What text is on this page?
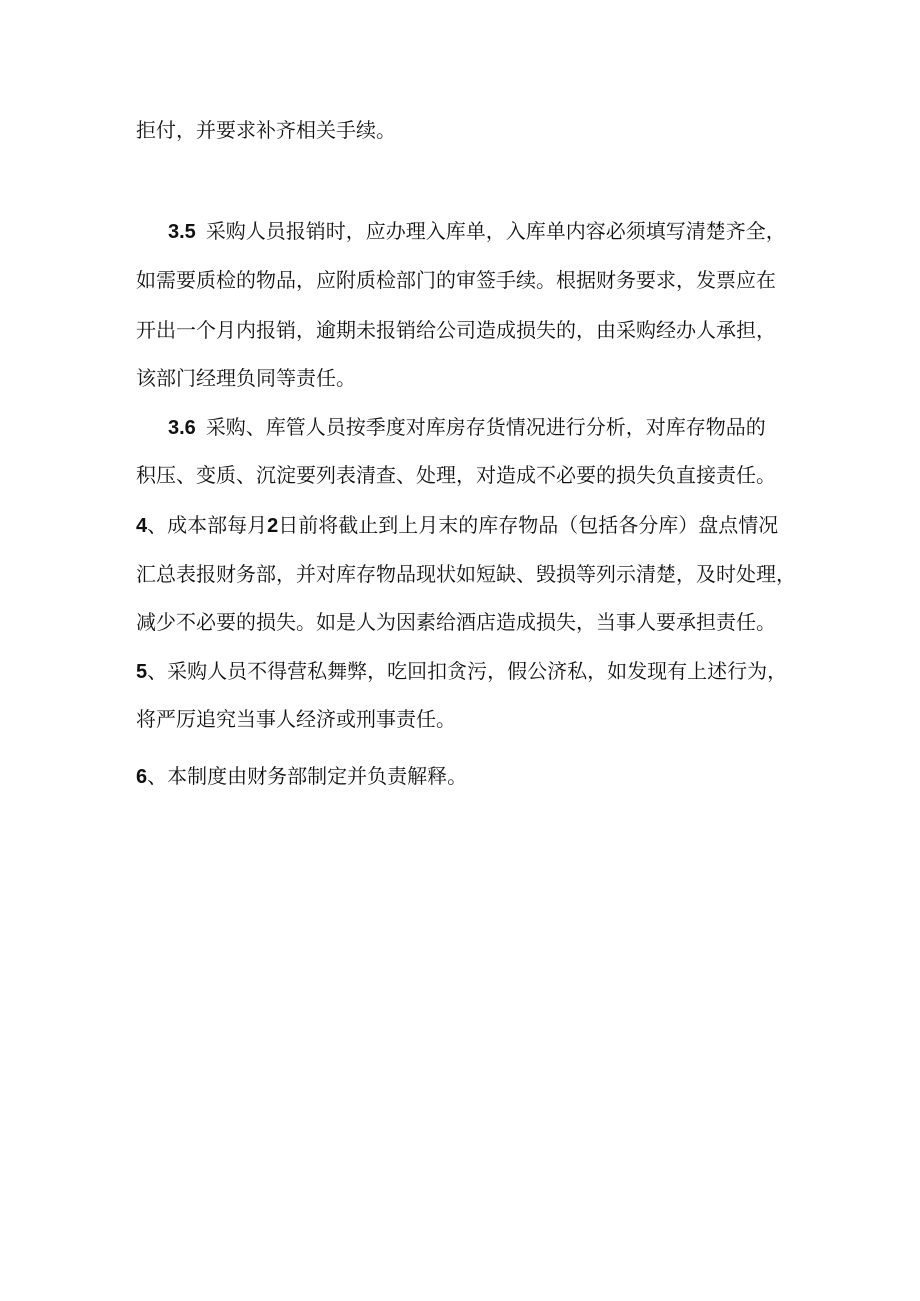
拒付，并要求补齐相关手续。
3.5 采购人员报销时，应办理入库单，入库单内容必须填写清楚齐全，
如需要质检的物品，应附质检部门的审签手续。根据财务要求，发票应在
开出一个月内报销，逾期未报销给公司造成损失的，由采购经办人承担，
该部门经理负同等责任。
3.6 采购、库管人员按季度对库房存货情况进行分析，对库存物品的
积压、变质、沉淀要列表清查、处理，对造成不必要的损失负直接责任。
4、成本部每月2日前将截止到上月末的库存物品（包括各分库）盘点情况
汇总表报财务部，并对库存物品现状如短缺、毁损等列示清楚，及时处理，
减少不必要的损失。如是人为因素给酒店造成损失，当事人要承担责任。
5、采购人员不得营私舞弊，吃回扣贪污，假公济私，如发现有上述行为，
将严厉追究当事人经济或刑事责任。
6、本制度由财务部制定并负责解释。
